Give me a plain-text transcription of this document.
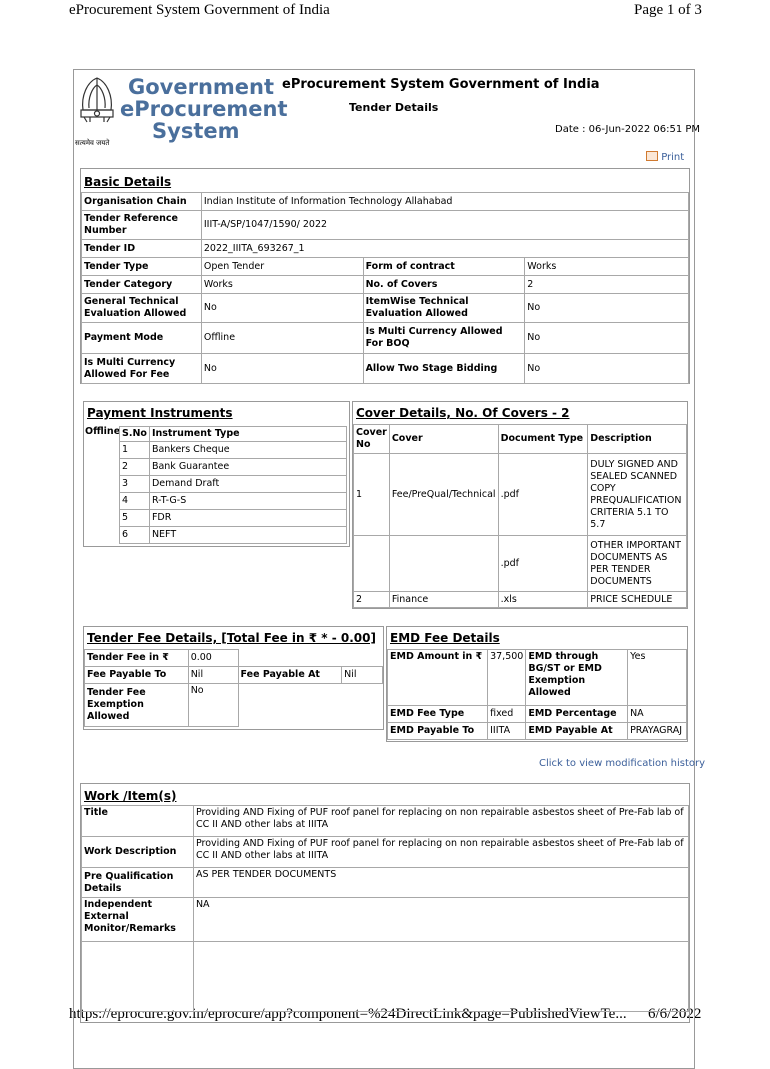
eProcurement System Government of India	Page 1 of 3
https://eprocure.gov.in/eprocure/app?component=%24DirectLink&page=PublishedViewTe... 6/6/2022
सत्यमेव जयते
Government
eProcurement
System
eProcurement System Government of India
Tender Details
Date : 06-Jun-2022 06:51 PM
Print
Basic Details
Organisation Chain	Indian Institute of Information Technology Allahabad		
Tender Reference Number	IIIT-A/SP/1047/1590/ 2022		
Tender ID	2022_IIITA_693267_1		
Tender Type	Open Tender	Form of contract	Works
Tender Category	Works	No. of Covers	2
General Technical Evaluation Allowed	No	ItemWise Technical Evaluation Allowed	No
Payment Mode	Offline	Is Multi Currency Allowed For BOQ	No
Is Multi Currency Allowed For Fee	No	Allow Two Stage Bidding	No
Payment Instruments
Offline S.No	Instrument Type
1	Bankers Cheque
2	Bank Guarantee
3	Demand Draft
4	R-T-G-S
5	FDR
6	NEFT
Cover Details, No. Of Covers - 2
Cover No	Cover	Document Type	Description
1	Fee/PreQual/Technical	.pdf	DULY SIGNED AND SEALED SCANNED COPY PREQUALIFICATION CRITERIA 5.1 TO 5.7
		.pdf	OTHER IMPORTANT DOCUMENTS AS PER TENDER DOCUMENTS
2	Finance	.xls	PRICE SCHEDULE
Tender Fee Details, [Total Fee in ₹ * - 0.00]
Tender Fee in ₹	0.00		
Fee Payable To	Nil	Fee Payable At	Nil
Tender Fee Exemption Allowed	No		
EMD Fee Details
EMD Amount in ₹	37,500	EMD through BG/ST or EMD Exemption Allowed	Yes
EMD Fee Type	fixed	EMD Percentage	NA
EMD Payable To	IIITA	EMD Payable At	PRAYAGRAJ
Click to view modification history
Work /Item(s)
Title	Providing AND Fixing of PUF roof panel for replacing on non repairable asbestos sheet of Pre-Fab lab of CC II AND other labs at IIITA
Work Description	Providing AND Fixing of PUF roof panel for replacing on non repairable asbestos sheet of Pre-Fab lab of CC II AND other labs at IIITA
Pre Qualification Details	AS PER TENDER DOCUMENTS
Independent External Monitor/Remarks	NA
